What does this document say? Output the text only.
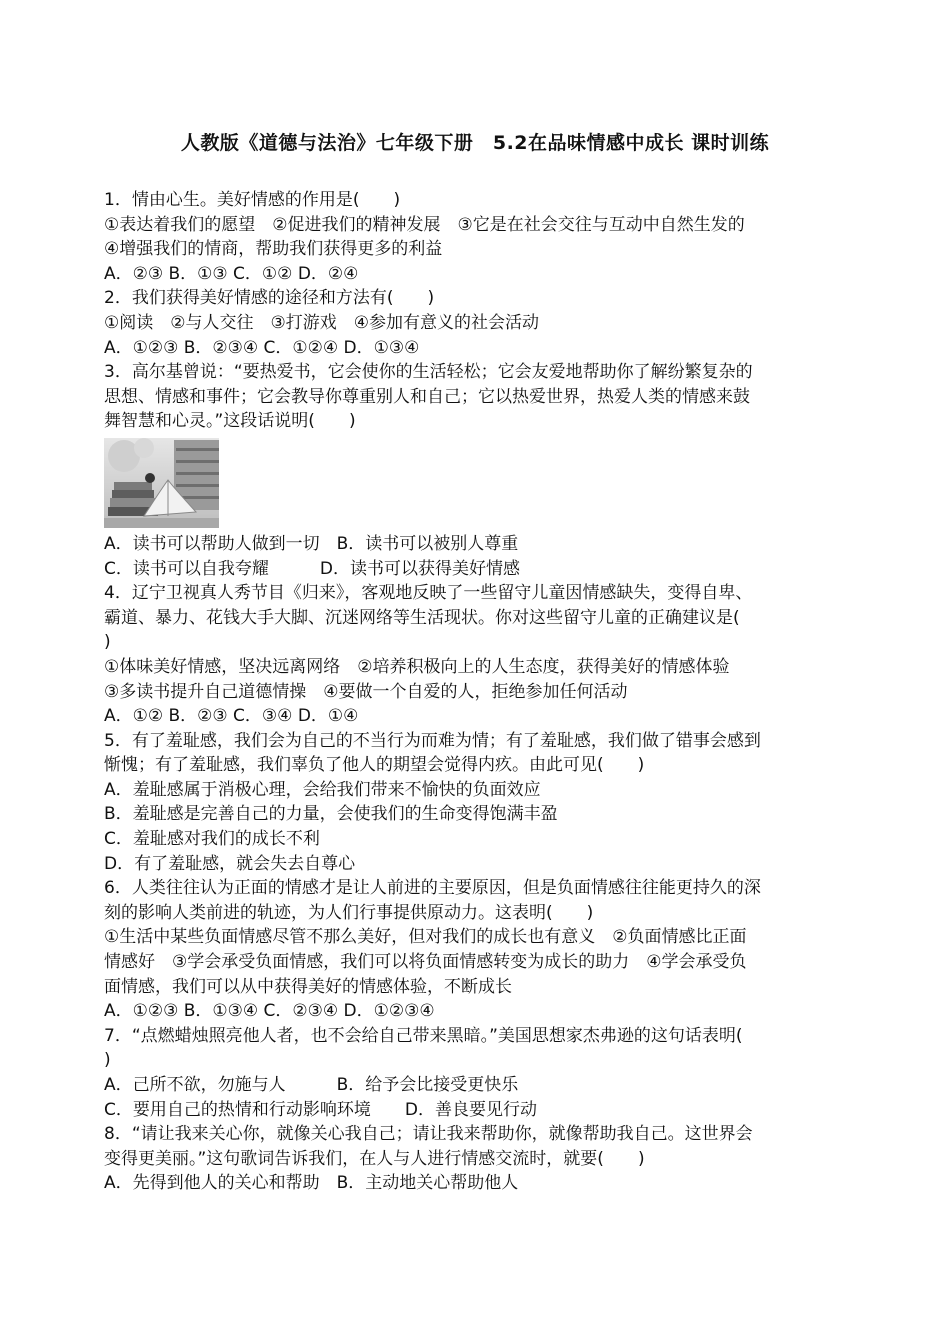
人教版《道德与法治》七年级下册　5.2在品味情感中成长 课时训练
1．情由心生。美好情感的作用是(　　)
①表达着我们的愿望　②促进我们的精神发展　③它是在社会交往与互动中自然生发的
④增强我们的情商，帮助我们获得更多的利益
A．②③ B．①③ C．①② D．②④
2．我们获得美好情感的途径和方法有(　　)
①阅读　②与人交往　③打游戏　④参加有意义的社会活动
A．①②③ B．②③④ C．①②④ D．①③④
3．高尔基曾说：“要热爱书，它会使你的生活轻松；它会友爱地帮助你了解纷繁复杂的
思想、情感和事件；它会教导你尊重别人和自己；它以热爱世界，热爱人类的情感来鼓
舞智慧和心灵。”这段话说明(　　)
A．读书可以帮助人做到一切　B．读书可以被别人尊重
C．读书可以自我夸耀　　　D．读书可以获得美好情感
4．辽宁卫视真人秀节目《归来》，客观地反映了一些留守儿童因情感缺失，变得自卑、
霸道、暴力、花钱大手大脚、沉迷网络等生活现状。你对这些留守儿童的正确建议是(
)
①体味美好情感，坚决远离网络　②培养积极向上的人生态度，获得美好的情感体验
③多读书提升自己道德情操　④要做一个自爱的人，拒绝参加任何活动
A．①② B．②③ C．③④ D．①④
5．有了羞耻感，我们会为自己的不当行为而难为情；有了羞耻感，我们做了错事会感到
惭愧；有了羞耻感，我们辜负了他人的期望会觉得内疚。由此可见(　　)
A．羞耻感属于消极心理，会给我们带来不愉快的负面效应
B．羞耻感是完善自己的力量，会使我们的生命变得饱满丰盈
C．羞耻感对我们的成长不利
D．有了羞耻感，就会失去自尊心
6．人类往往认为正面的情感才是让人前进的主要原因，但是负面情感往往能更持久的深
刻的影响人类前进的轨迹，为人们行事提供原动力。这表明(　　)
①生活中某些负面情感尽管不那么美好，但对我们的成长也有意义　②负面情感比正面
情感好　③学会承受负面情感，我们可以将负面情感转变为成长的助力　④学会承受负
面情感，我们可以从中获得美好的情感体验，不断成长
A．①②③ B．①③④ C．②③④ D．①②③④
7．“点燃蜡烛照亮他人者，也不会给自己带来黑暗。”美国思想家杰弗逊的这句话表明(
)
A．己所不欲，勿施与人　　　B．给予会比接受更快乐
C．要用自己的热情和行动影响环境　　D．善良要见行动
8．“请让我来关心你，就像关心我自己；请让我来帮助你，就像帮助我自己。这世界会
变得更美丽。”这句歌词告诉我们，在人与人进行情感交流时，就要(　　)
A．先得到他人的关心和帮助　B．主动地关心帮助他人
